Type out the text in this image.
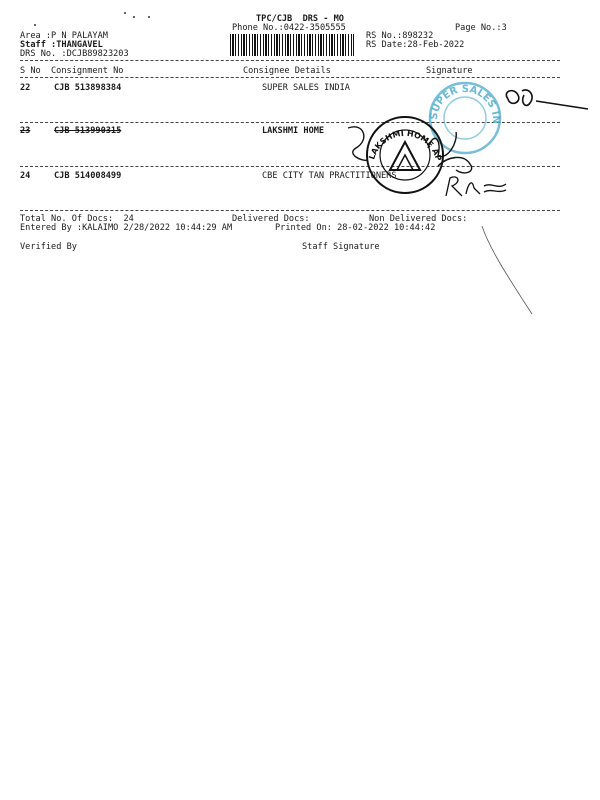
TPC/CJB  DRS - MO
Phone No.:0422-3505555	Page No.:3
Area :P N PALAYAM
Staff :THANGAVEL
DRS No. :DCJB89823203
RS No.:898232
RS Date:28-Feb-2022
S No Consignment No	Consignee Details	Signature
22	CJB 513898384	SUPER SALES INDIA
23	CJB 513990315	LAKSHMI HOME
24	CJB 514008499	CBE CITY TAN PRACTITIONERS
Total No. Of Docs:  24	Delivered Docs:	Non Delivered Docs:
Entered By :KALAIMO 2/28/2022 10:44:29 AM	Printed On: 28-02-2022 10:44:42
Verified By	Staff Signature
SUPER SALES INDIA
LAKSHMI HOME APPLIANCES
